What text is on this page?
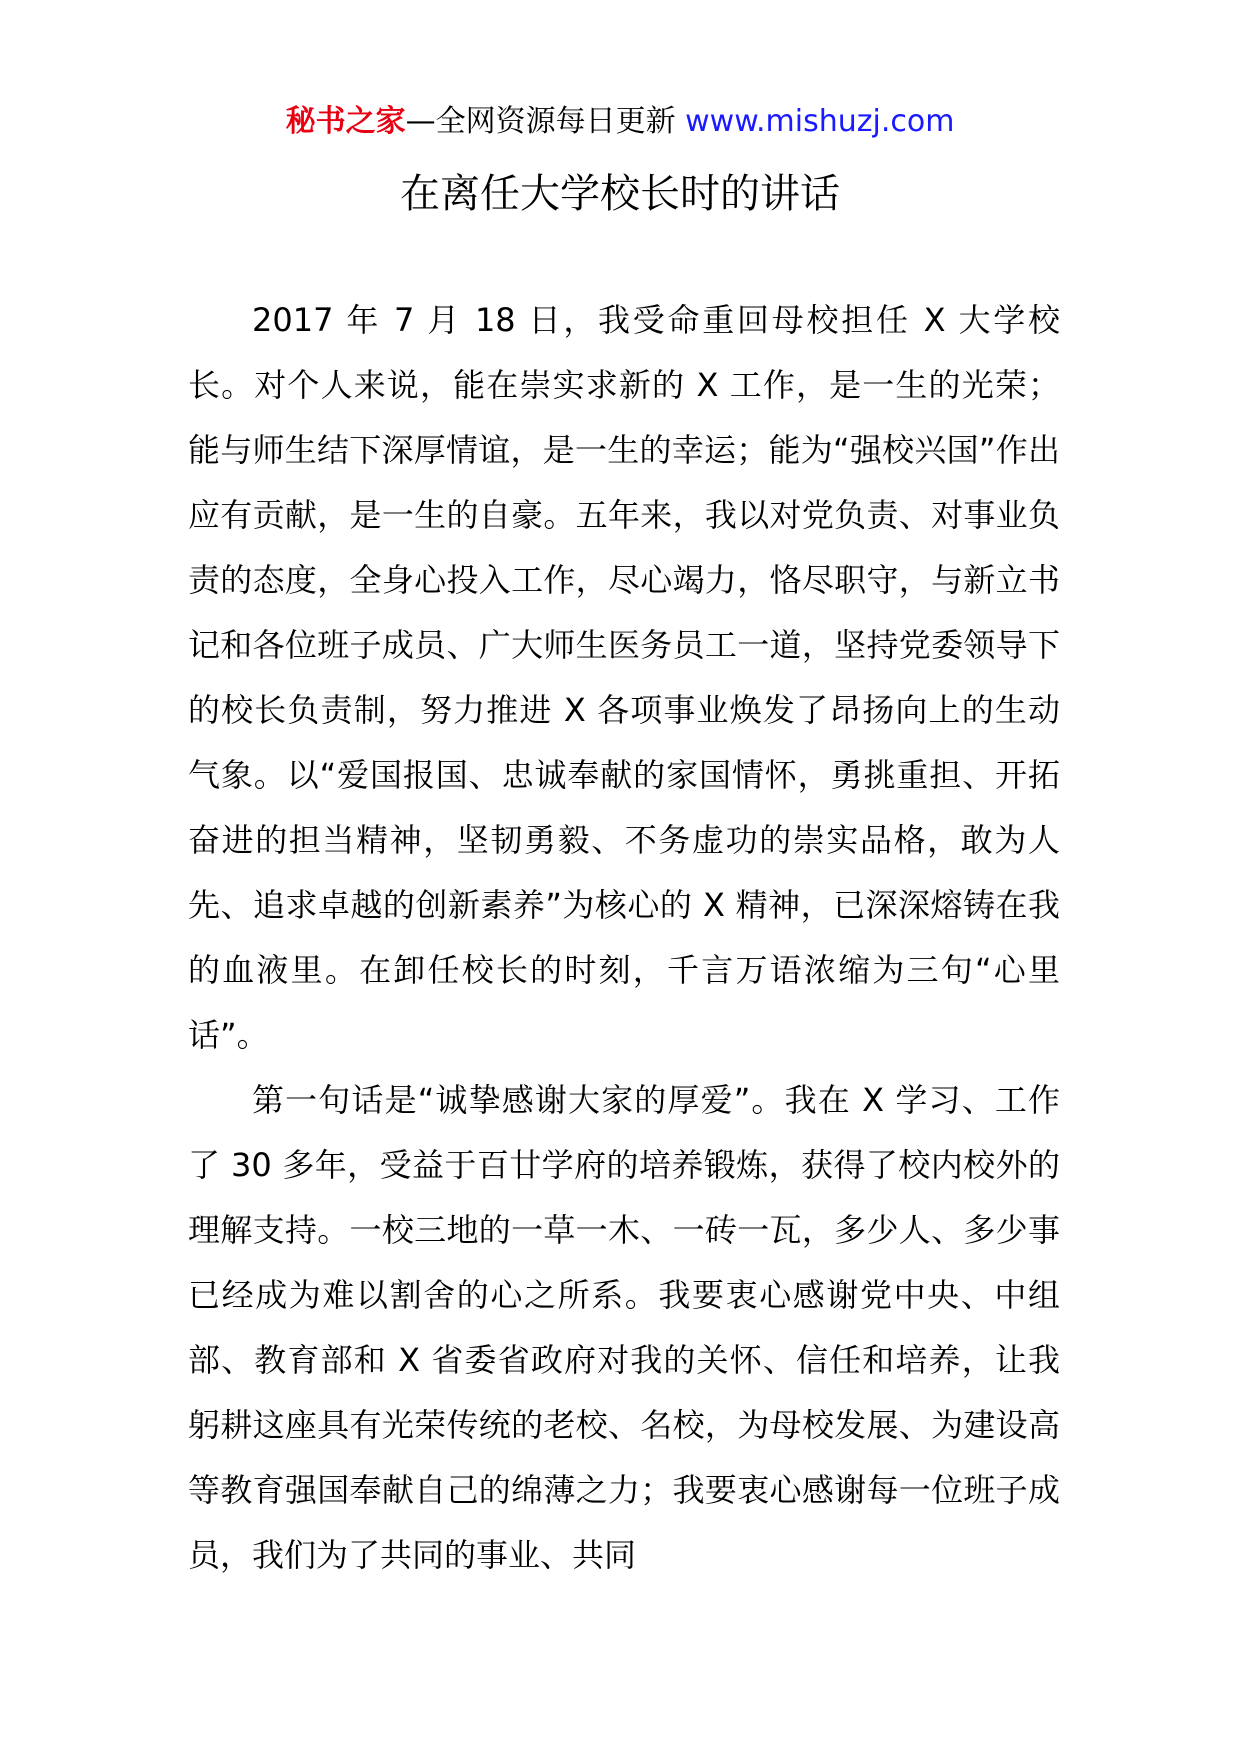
秘书之家—全网资源每日更新 www.mishuzj.com
在离任大学校长时的讲话

2017 年 7 月 18 日，我受命重回母校担任 X 大学校长。对个人来说，能在崇实求新的 X 工作，是一生的光荣；能与师生结下深厚情谊，是一生的幸运；能为“强校兴国”作出应有贡献，是一生的自豪。五年来，我以对党负责、对事业负责的态度，全身心投入工作，尽心竭力，恪尽职守，与新立书记和各位班子成员、广大师生医务员工一道，坚持党委领导下的校长负责制，努力推进 X 各项事业焕发了昂扬向上的生动气象。以“爱国报国、忠诚奉献的家国情怀，勇挑重担、开拓奋进的担当精神，坚韧勇毅、不务虚功的崇实品格，敢为人先、追求卓越的创新素养”为核心的 X 精神，已深深熔铸在我的血液里。在卸任校长的时刻，千言万语浓缩为三句“心里话”。

第一句话是“诚挚感谢大家的厚爱”。我在 X 学习、工作了 30 多年，受益于百廿学府的培养锻炼，获得了校内校外的理解支持。一校三地的一草一木、一砖一瓦，多少人、多少事已经成为难以割舍的心之所系。我要衷心感谢党中央、中组部、教育部和 X 省委省政府对我的关怀、信任和培养，让我躬耕这座具有光荣传统的老校、名校，为母校发展、为建设高等教育强国奉献自己的绵薄之力；我要衷心感谢每一位班子成员，我们为了共同的事业、共同
